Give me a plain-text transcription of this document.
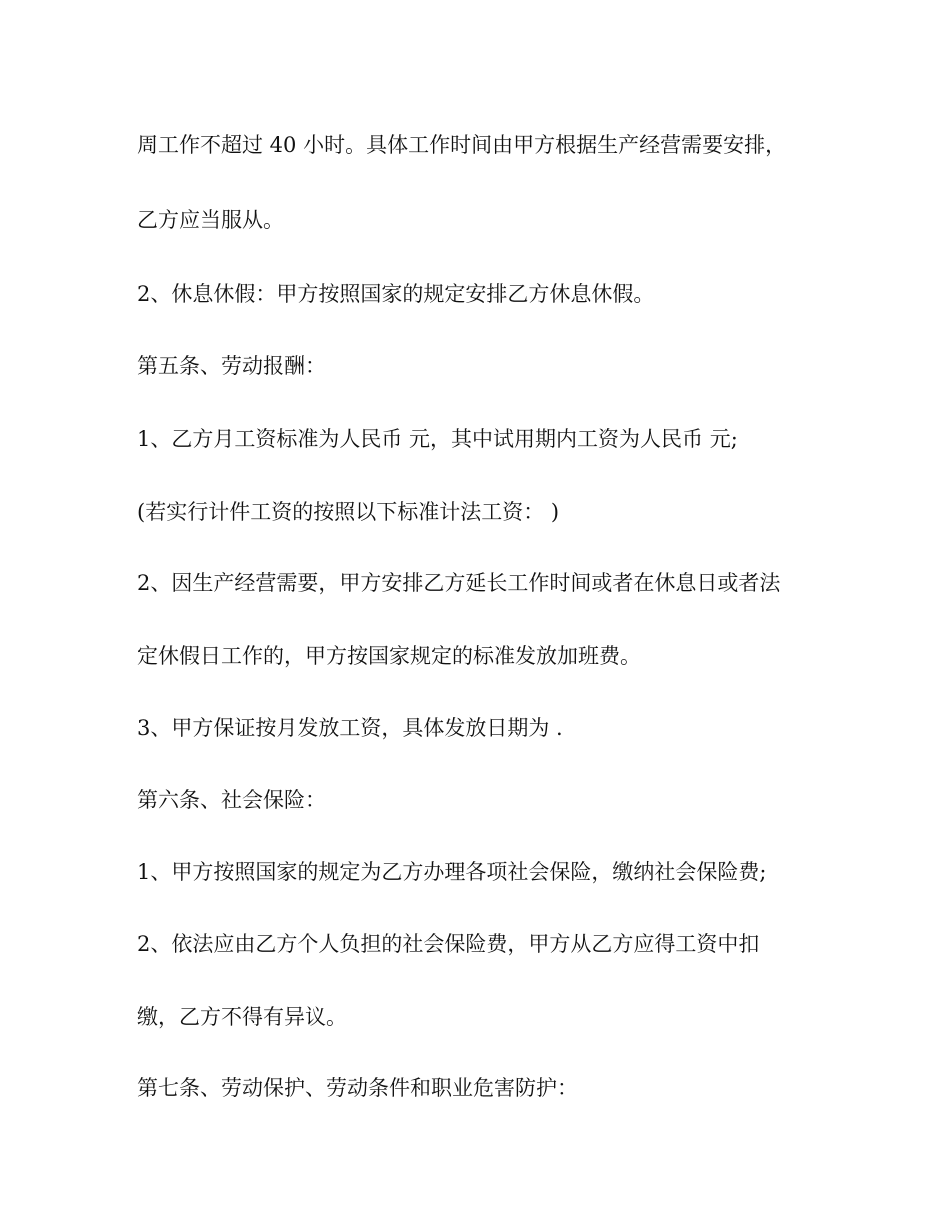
周工作不超过 40 小时。具体工作时间由甲方根据生产经营需要安排，
乙方应当服从。
2、休息休假：甲方按照国家的规定安排乙方休息休假。
第五条、劳动报酬：
1、乙方月工资标准为人民币 元，其中试用期内工资为人民币 元;
(若实行计件工资的按照以下标准计法工资： )
2、因生产经营需要，甲方安排乙方延长工作时间或者在休息日或者法
定休假日工作的，甲方按国家规定的标准发放加班费。
3、甲方保证按月发放工资，具体发放日期为 .
第六条、社会保险：
1、甲方按照国家的规定为乙方办理各项社会保险，缴纳社会保险费;
2、依法应由乙方个人负担的社会保险费，甲方从乙方应得工资中扣
缴，乙方不得有异议。
第七条、劳动保护、劳动条件和职业危害防护：
